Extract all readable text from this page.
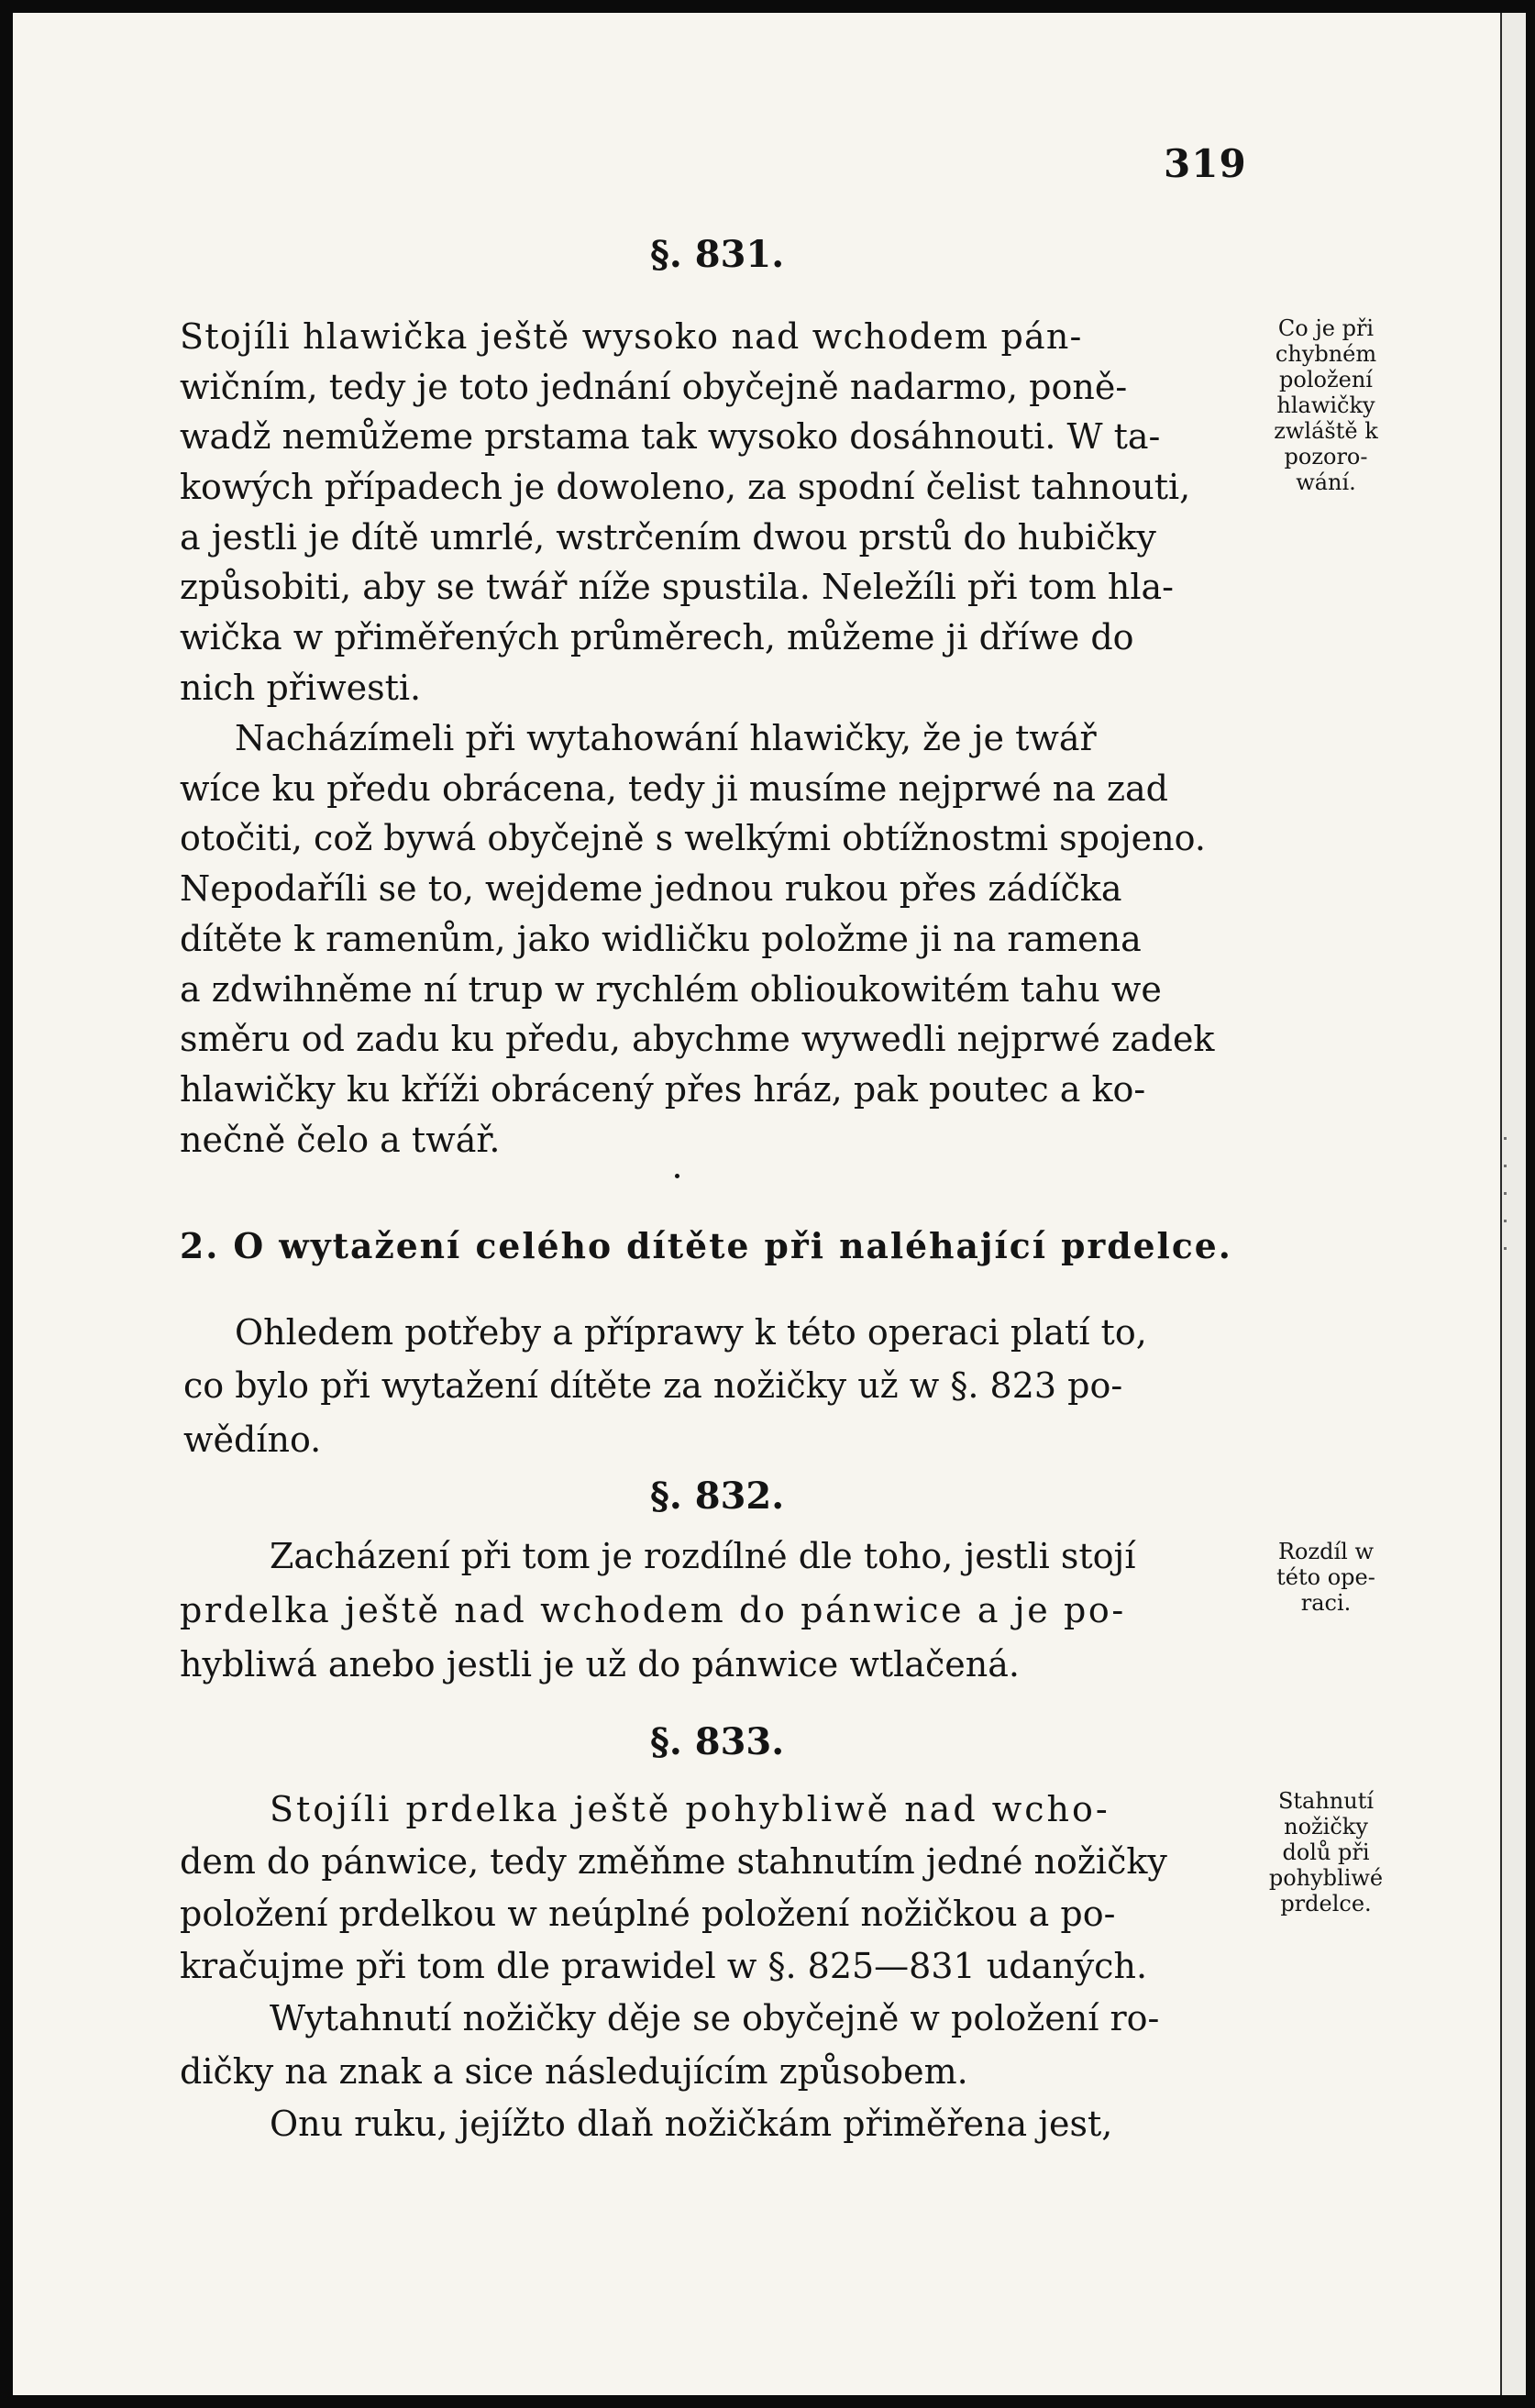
319
§. 831.
Stojíli hlawička ještě wysoko nad wchodem pán-
wičním, tedy je toto jednání obyčejně nadarmo, poně-
wadž nemůžeme prstama tak wysoko dosáhnouti. W ta-
kowých případech je dowoleno, za spodní čelist tahnouti,
a jestli je dítě umrlé, wstrčením dwou prstů do hubičky
způsobiti, aby se twář níže spustila. Neležíli při tom hla-
wička w přiměřených průměrech, můžeme ji dříwe do
nich přiwesti.
Nacházímeli při wytahowání hlawičky, že je twář
wíce ku předu obrácena, tedy ji musíme nejprwé na zad
otočiti, což bywá obyčejně s welkými obtížnostmi spojeno.
Nepodaříli se to, wejdeme jednou rukou přes zádíčka
dítěte k ramenům, jako widličku položme ji na ramena
a zdwihněme ní trup w rychlém oblioukowitém tahu we
směru od zadu ku předu, abychme wywedli nejprwé zadek
hlawičky ku kříži obrácený přes hráz, pak poutec a ko-
nečně čelo a twář.
2. O wytažení celého dítěte při naléhající prdelce.
Ohledem potřeby a příprawy k této operaci platí to,
co bylo při wytažení dítěte za nožičky už w §. 823 po-
wědíno.
§. 832.
Zacházení při tom je rozdílné dle toho, jestli stojí
prdelka ještě nad wchodem do pánwice a je po-
hybliwá anebo jestli je už do pánwice wtlačená.
§. 833.
Stojíli prdelka ještě pohybliwě nad wcho-
dem do pánwice, tedy změňme stahnutím jedné nožičky
položení prdelkou w neúplné položení nožičkou a po-
kračujme při tom dle prawidel w §. 825—831 udaných.
Wytahnutí nožičky děje se obyčejně w položení ro-
dičky na znak a sice následujícím způsobem.
Onu ruku, jejížto dlaň nožičkám přiměřena jest,
Co je při
chybném
položení
hlawičky
zwláště k
pozoro-
wání.
Rozdíl w
této ope-
raci.
Stahnutí
nožičky
dolů při
pohybliwé
prdelce.
